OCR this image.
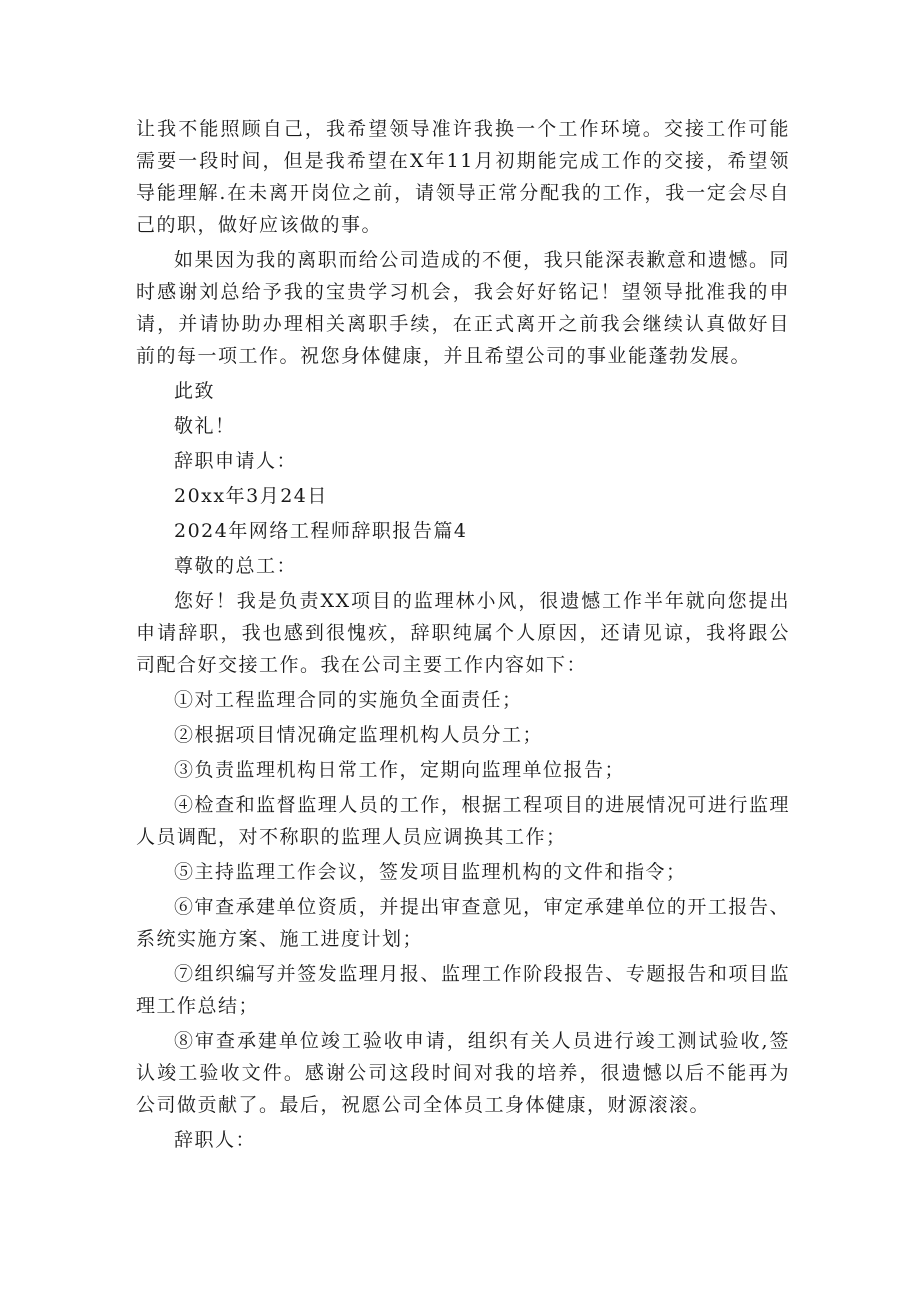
让我不能照顾自己，我希望领导准许我换一个工作环境。交接工作可能需要一段时间，但是我希望在X年11月初期能完成工作的交接，希望领导能理解.在未离开岗位之前，请领导正常分配我的工作，我一定会尽自己的职，做好应该做的事。

如果因为我的离职而给公司造成的不便，我只能深表歉意和遗憾。同时感谢刘总给予我的宝贵学习机会，我会好好铭记！望领导批准我的申请，并请协助办理相关离职手续，在正式离开之前我会继续认真做好目前的每一项工作。祝您身体健康，并且希望公司的事业能蓬勃发展。

此致

敬礼！

辞职申请人：

20xx年3月24日

2024年网络工程师辞职报告篇4

尊敬的总工：

您好！我是负责XX项目的监理林小风，很遗憾工作半年就向您提出申请辞职，我也感到很愧疚，辞职纯属个人原因，还请见谅，我将跟公司配合好交接工作。我在公司主要工作内容如下：

①对工程监理合同的实施负全面责任；

②根据项目情况确定监理机构人员分工；

③负责监理机构日常工作，定期向监理单位报告；

④检查和监督监理人员的工作，根据工程项目的进展情况可进行监理人员调配，对不称职的监理人员应调换其工作；

⑤主持监理工作会议，签发项目监理机构的文件和指令；

⑥审查承建单位资质，并提出审查意见，审定承建单位的开工报告、系统实施方案、施工进度计划；

⑦组织编写并签发监理月报、监理工作阶段报告、专题报告和项目监理工作总结；

⑧审查承建单位竣工验收申请，组织有关人员进行竣工测试验收,签认竣工验收文件。感谢公司这段时间对我的培养，很遗憾以后不能再为公司做贡献了。最后，祝愿公司全体员工身体健康，财源滚滚。

辞职人：
